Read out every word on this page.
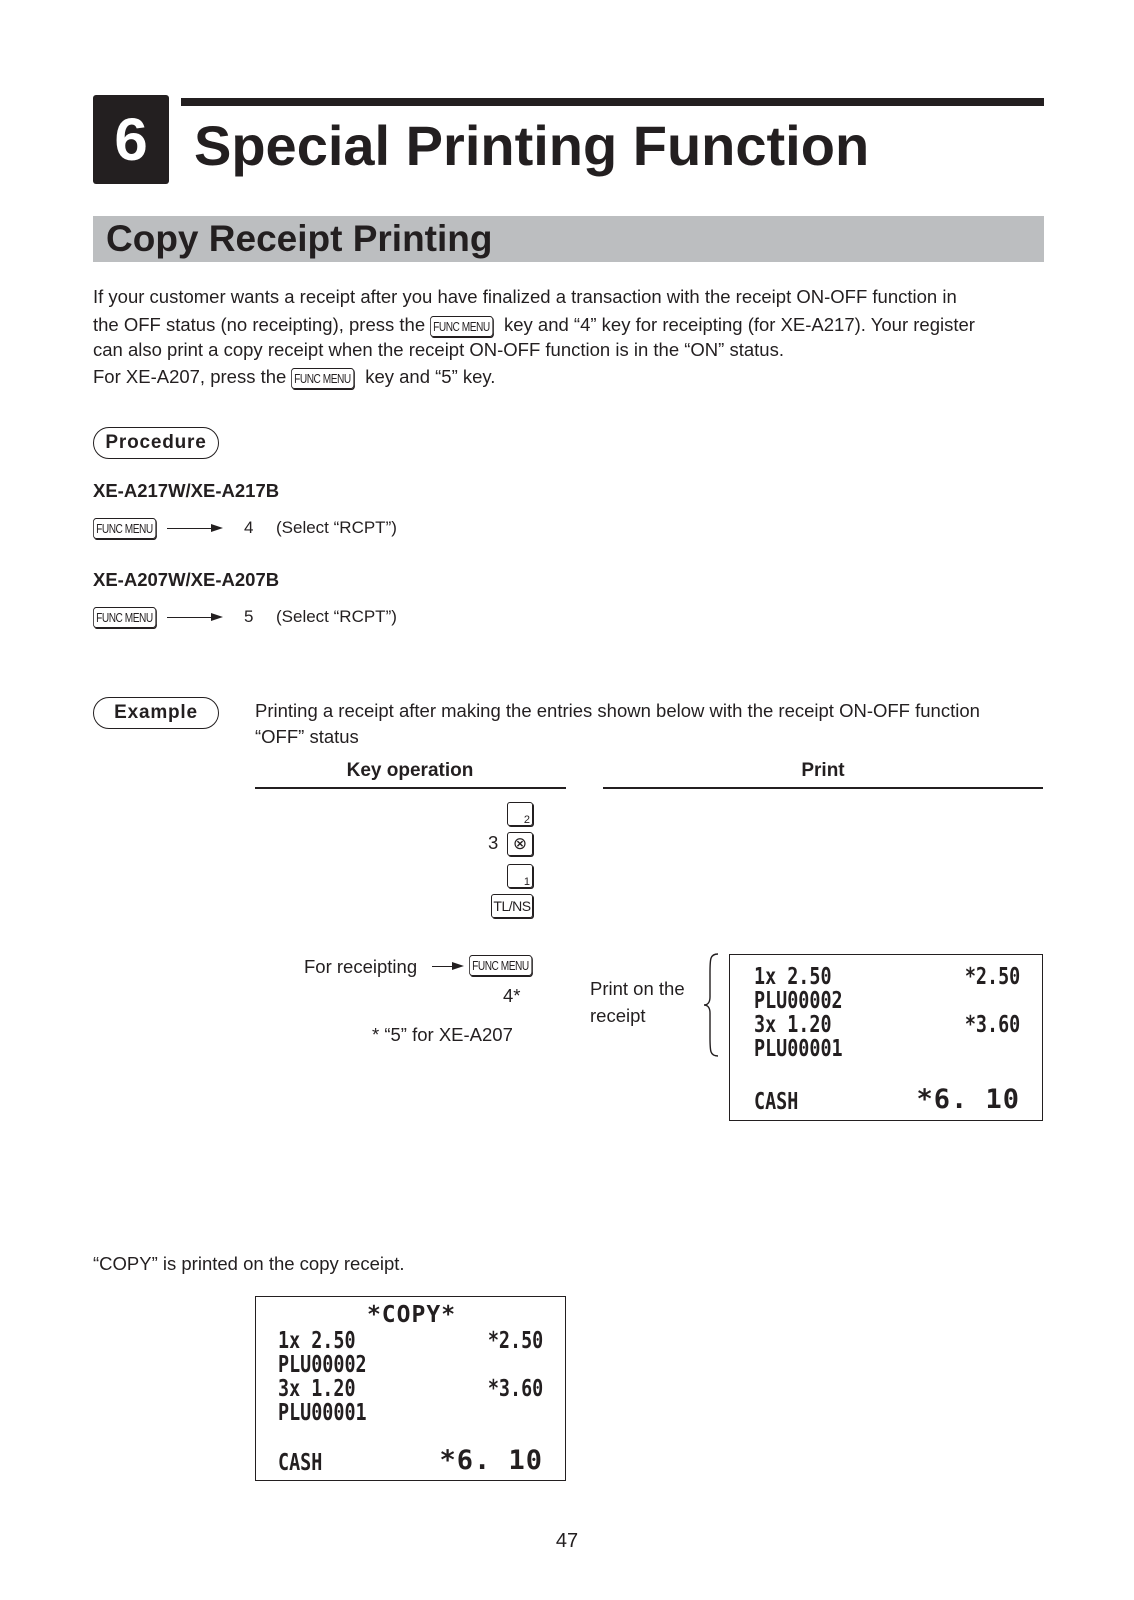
6 Special Printing Function
Copy Receipt Printing
If your customer wants a receipt after you have finalized a transaction with the receipt ON-OFF function in
the OFF status (no receipting), press the FUNC MENU key and “4” key for receipting (for XE-A217). Your register
can also print a copy receipt when the receipt ON-OFF function is in the “ON” status.
For XE-A207, press the FUNC MENU key and “5” key.
Procedure
XE-A217W/XE-A217B
FUNC MENU	4 (Select “RCPT”)
XE-A207W/XE-A207B
FUNC MENU	5 (Select “RCPT”)
Example	Printing a receipt after making the entries shown below with the receipt ON-OFF function
“OFF” status
Key operation	Print
2
3 ⊗
1
TL/NS
For receipting	FUNC MENU
4*
* “5” for XE-A207
Print on the
receipt
1x 2.50	*2.50
PLU00002
3x 1.20	*3.60
PLU00001
CASH	*6. 10
“COPY” is printed on the copy receipt.
*COPY*
1x 2.50	*2.50
PLU00002
3x 1.20	*3.60
PLU00001
CASH	*6. 10
47
